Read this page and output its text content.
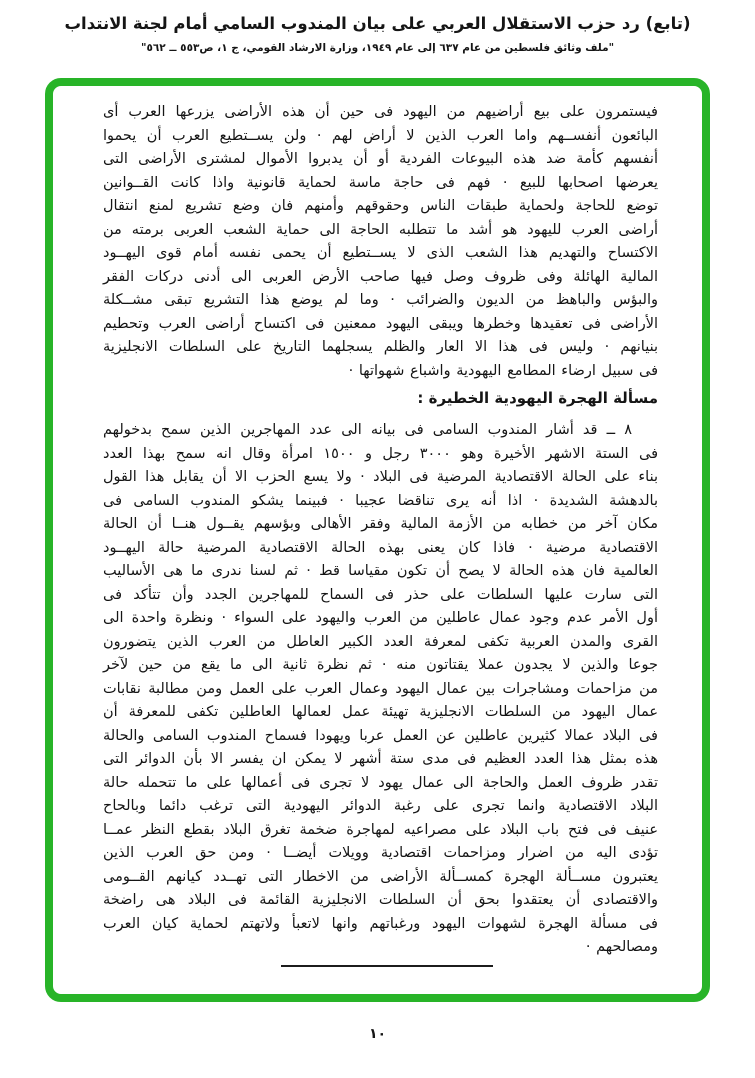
(تابع) رد حزب الاستقلال العربي على بيان المندوب السامي أمام لجنة الانتداب
"ملف وثائق فلسطين من عام ٦٣٧ إلى عام ١٩٤٩، وزارة الارشاد القومي، ج ١، ص٥٥٣ ــ ٥٦٢"
فيستمرون على بيع أراضيهم من اليهود فى حين أن هذه الأراضى يزرعها العرب أى
البائعون أنفســهم واما العرب الذين لا أراض لهم · ولن يســتطيع العرب أن يحموا
أنفسهم كأمة ضد هذه البيوعات الفردية أو أن يدبروا الأموال لمشترى الأراضى التى
يعرضها اصحابها للبيع · فهم فى حاجة ماسة لحماية قانونية واذا كانت القــوانين
توضع للحاجة ولحماية طبقات الناس وحقوقهم وأمنهم فان وضع تشريع لمنع انتقال
أراضى العرب لليهود هو أشد ما تتطلبه الحاجة الى حماية الشعب العربى برمته من
الاكتساح والتهديم هذا الشعب الذى لا يســتطيع أن يحمى نفسه أمام قوى اليهــود
المالية الهائلة وفى ظروف وصل فيها صاحب الأرض العربى الى أدنى دركات الفقر
والبؤس والباهظ من الديون والضرائب · وما لم يوضع هذا التشريع تبقى مشــكلة
الأراضى فى تعقيدها وخطرها ويبقى اليهود ممعنين فى اكتساح أراضى العرب وتحطيم
بنيانهم · وليس فى هذا الا العار والظلم يسجلهما التاريخ على السلطات الانجليزية
فى سبيل ارضاء المطامع اليهودية واشباع شهواتها ·
مسألة الهجرة اليهودية الخطيرة :
٨ ــ قد أشار المندوب السامى فى بيانه الى عدد المهاجرين الذين سمح بدخولهم
فى الستة الاشهر الأخيرة وهو ٣٠٠٠ رجل و ١٥٠٠ امرأة وقال انه سمح بهذا العدد
بناء على الحالة الاقتصادية المرضية فى البلاد · ولا يسع الحزب الا أن يقابل هذا القول
بالدهشة الشديدة · اذا أنه يرى تناقضا عجيبا · فبينما يشكو المندوب السامى فى
مكان آخر من خطابه من الأزمة المالية وفقر الأهالى وبؤسهم يقــول هنــا أن الحالة
الاقتصادية مرضية · فاذا كان يعنى بهذه الحالة الاقتصادية المرضية حالة اليهــود
العالمية فان هذه الحالة لا يصح أن تكون مقياسا قط · ثم لسنا ندرى ما هى الأساليب
التى سارت عليها السلطات على حذر فى السماح للمهاجرين الجدد وأن تتأكد فى
أول الأمر عدم وجود عمال عاطلين من العرب واليهود على السواء · ونظرة واحدة الى
القرى والمدن العربية تكفى لمعرفة العدد الكبير العاطل من العرب الذين يتضورون
جوعا والذين لا يجدون عملا يقتاتون منه · ثم نظرة ثانية الى ما يقع من حين لآخر
من مزاحمات ومشاجرات بين عمال اليهود وعمال العرب على العمل ومن مطالبة نقابات
عمال اليهود من السلطات الانجليزية تهيئة عمل لعمالها العاطلين تكفى للمعرفة أن
فى البلاد عمالا كثيرين عاطلين عن العمل عربا ويهودا فسماح المندوب السامى والحالة
هذه بمثل هذا العدد العظيم فى مدى ستة أشهر لا يمكن ان يفسر الا بأن الدوائر التى
تقدر ظروف العمل والحاجة الى عمال يهود لا تجرى فى أعمالها على ما تتحمله حالة
البلاد الاقتصادية وانما تجرى على رغبة الدوائر اليهودية التى ترغب دائما وبالحاح
عنيف فى فتح باب البلاد على مصراعيه لمهاجرة ضخمة تغرق البلاد بقطع النظر عمــا
تؤدى اليه من اضرار ومزاحمات اقتصادية وويلات أيضــا · ومن حق العرب الذين
يعتبرون مســألة الهجرة كمســألة الأراضى من الاخطار التى تهــدد كيانهم القــومى
والاقتصادى أن يعتقدوا بحق أن السلطات الانجليزية القائمة فى البلاد هى راضخة
فى مسألة الهجرة لشهوات اليهود ورغباتهم وانها لاتعبأ ولاتهتم لحماية كيان العرب
ومصالحهم ·
١٠
